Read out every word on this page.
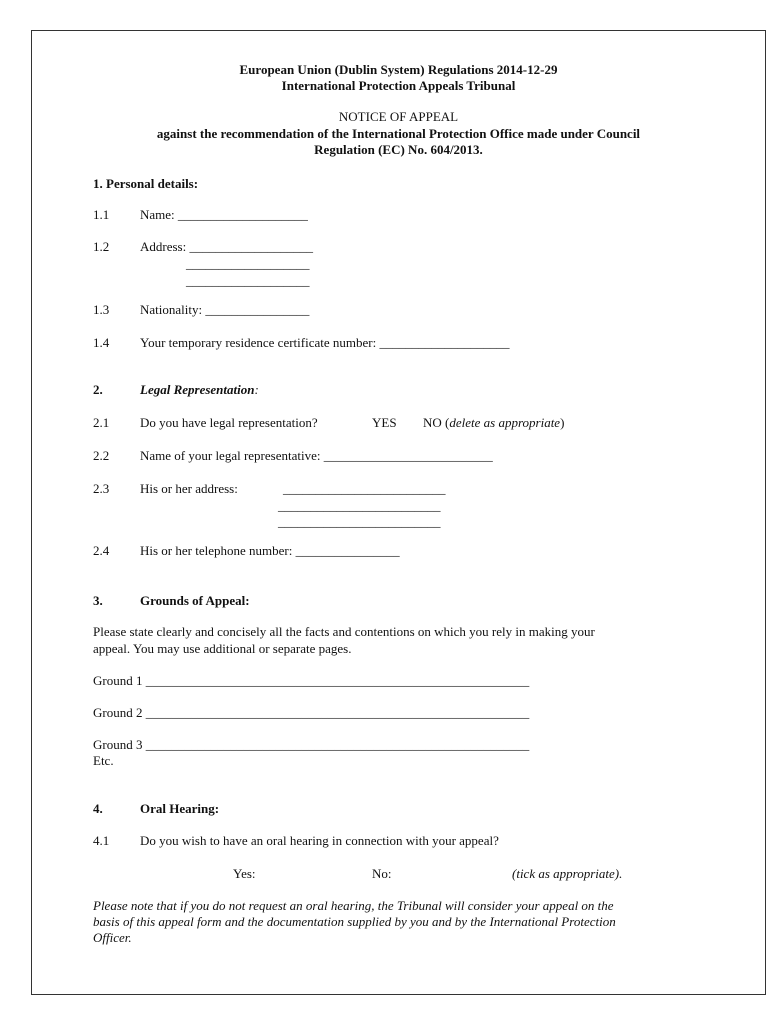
European Union (Dublin System) Regulations 2014-12-29
International Protection Appeals Tribunal
NOTICE OF APPEAL
against the recommendation of the International Protection Office made under Council
Regulation (EC) No. 604/2013.
1. Personal details:
1.1 Name: ____________________
1.2 Address: ___________________
___________________
___________________
1.3 Nationality: ________________
1.4 Your temporary residence certificate number: ____________________
2.	Legal Representation:
2.1 Do you have legal representation?	YES NO (delete as appropriate)
2.2 Name of your legal representative: __________________________
2.3 His or her address:	_________________________
_________________________
_________________________
2.4 His or her telephone number: ________________
3.	Grounds of Appeal:
Please state clearly and concisely all the facts and contentions on which you rely in making your
appeal. You may use additional or separate pages.
Ground 1 ___________________________________________________________
Ground 2 ___________________________________________________________
Ground 3 ___________________________________________________________
Etc.
4.	Oral Hearing:
4.1 Do you wish to have an oral hearing in connection with your appeal?
Yes:	No:	(tick as appropriate).
Please note that if you do not request an oral hearing, the Tribunal will consider your appeal on the
basis of this appeal form and the documentation supplied by you and by the International Protection
Officer.
